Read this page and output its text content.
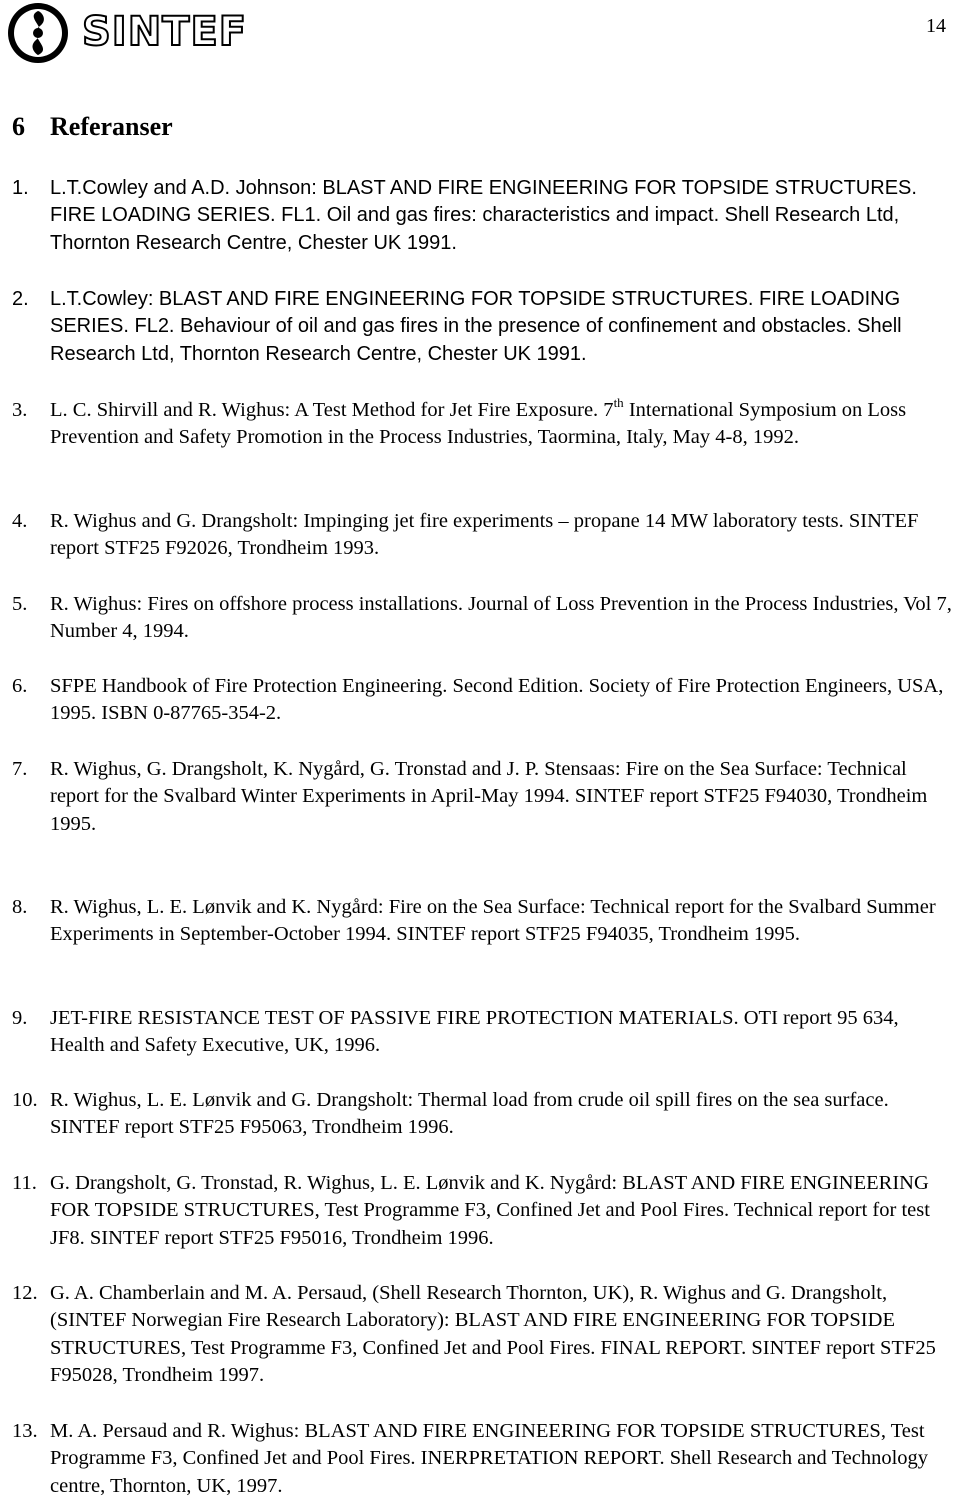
SINTEF	14
6 Referanser
1.	L.T.Cowley and A.D. Johnson: BLAST AND FIRE ENGINEERING FOR TOPSIDE STRUCTURES. FIRE LOADING SERIES. FL1. Oil and gas fires: characteristics and impact. Shell Research Ltd, Thornton Research Centre, Chester UK 1991.
2.	L.T.Cowley: BLAST AND FIRE ENGINEERING FOR TOPSIDE STRUCTURES. FIRE LOADING SERIES. FL2. Behaviour of oil and gas fires in the presence of confinement and obstacles. Shell Research Ltd, Thornton Research Centre, Chester UK 1991.
3.	L. C. Shirvill and R. Wighus: A Test Method for Jet Fire Exposure. 7th International Symposium on Loss Prevention and Safety Promotion in the Process Industries, Taormina, Italy, May 4-8, 1992.
4.	R. Wighus and G. Drangsholt: Impinging jet fire experiments – propane 14 MW laboratory tests. SINTEF report STF25 F92026, Trondheim 1993.
5.	R. Wighus: Fires on offshore process installations. Journal of Loss Prevention in the Process Industries, Vol 7, Number 4, 1994.
6.	SFPE Handbook of Fire Protection Engineering. Second Edition. Society of Fire Protection Engineers, USA, 1995. ISBN 0-87765-354-2.
7.	R. Wighus, G. Drangsholt, K. Nygård, G. Tronstad and J. P. Stensaas: Fire on the Sea Surface: Technical report for the Svalbard Winter Experiments in April-May 1994. SINTEF report STF25 F94030, Trondheim 1995.
8.	R. Wighus, L. E. Lønvik and K. Nygård: Fire on the Sea Surface: Technical report for the Svalbard Summer Experiments in September-October 1994. SINTEF report STF25 F94035, Trondheim 1995.
9.	JET-FIRE RESISTANCE TEST OF PASSIVE FIRE PROTECTION MATERIALS. OTI report 95 634, Health and Safety Executive, UK, 1996.
10. R. Wighus, L. E. Lønvik and G. Drangsholt: Thermal load from crude oil spill fires on the sea surface. SINTEF report STF25 F95063, Trondheim 1996.
11. G. Drangsholt, G. Tronstad, R. Wighus, L. E. Lønvik and K. Nygård: BLAST AND FIRE ENGINEERING FOR TOPSIDE STRUCTURES, Test Programme F3, Confined Jet and Pool Fires. Technical report for test JF8. SINTEF report STF25 F95016, Trondheim 1996.
12. G. A. Chamberlain and M. A. Persaud, (Shell Research Thornton, UK), R. Wighus and G. Drangsholt, (SINTEF Norwegian Fire Research Laboratory): BLAST AND FIRE ENGINEERING FOR TOPSIDE STRUCTURES, Test Programme F3, Confined Jet and Pool Fires. FINAL REPORT. SINTEF report STF25 F95028, Trondheim 1997.
13. M. A. Persaud and R. Wighus: BLAST AND FIRE ENGINEERING FOR TOPSIDE STRUCTURES, Test Programme F3, Confined Jet and Pool Fires. INERPRETATION REPORT. Shell Research and Technology centre, Thornton, UK, 1997.
